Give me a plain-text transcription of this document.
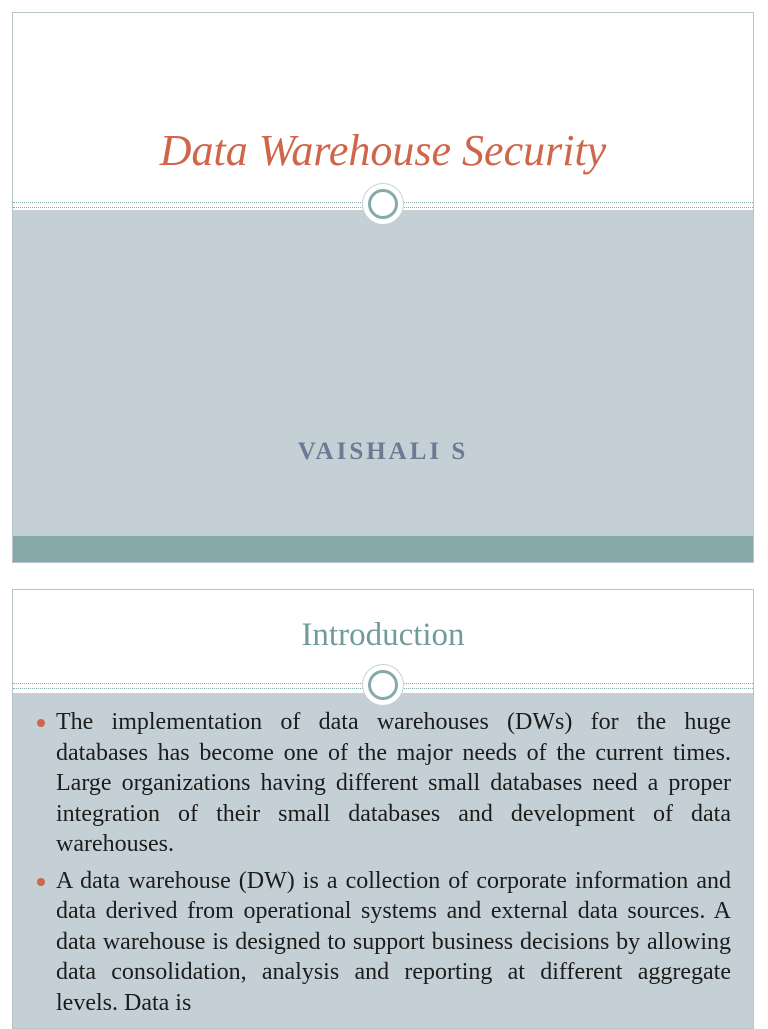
Data Warehouse Security
VAISHALI S
Introduction
The implementation of data warehouses (DWs) for the huge databases has become one of the major needs of the current times. Large organizations having different small databases need a proper integration of their small databases and development of data warehouses.
A data warehouse (DW) is a collection of corporate information and data derived from operational systems and external data sources. A data warehouse is designed to support business decisions by allowing data consolidation, analysis and reporting at different aggregate levels. Data is
